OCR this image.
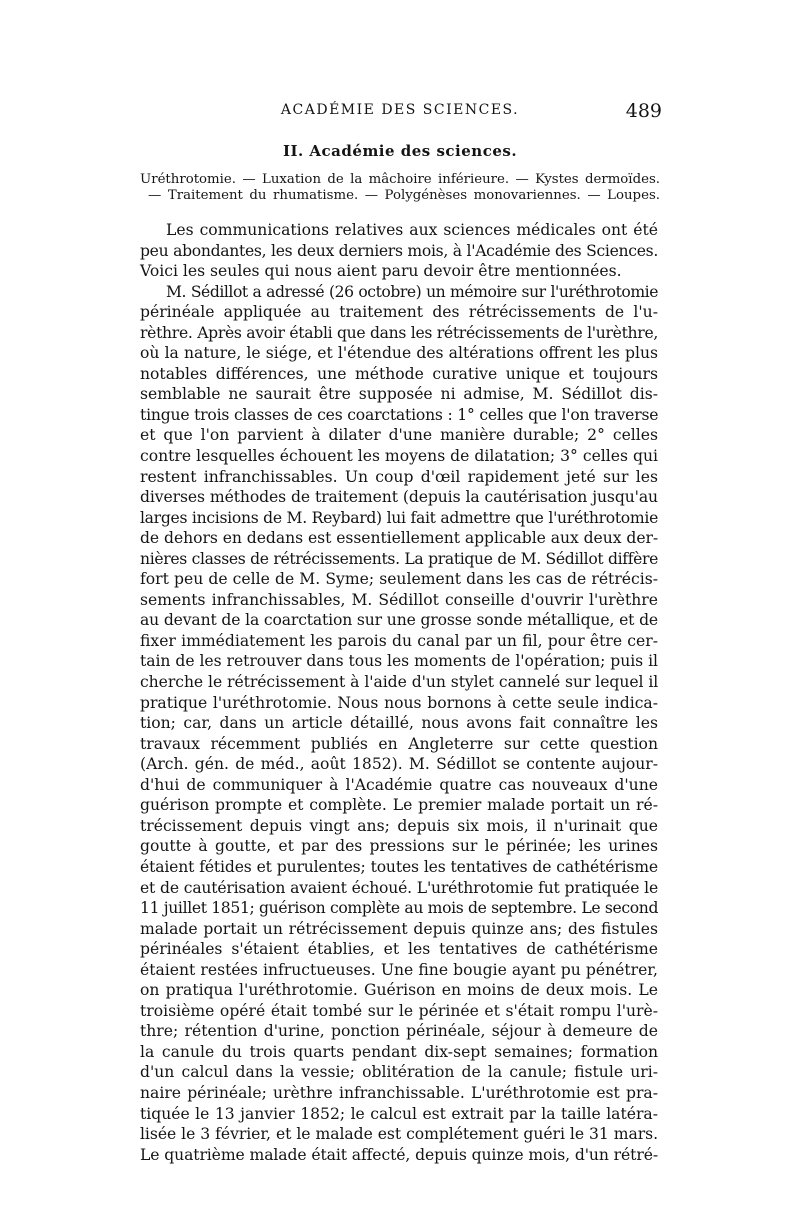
ACADÉMIE DES SCIENCES.	489
II. Académie des sciences.
Uréthrotomie. — Luxation de la mâchoire inférieure. — Kystes dermoïdes.
— Traitement du rhumatisme. — Polygénèses monovariennes. — Loupes.
Les communications relatives aux sciences médicales ont été
peu abondantes, les deux derniers mois, à l'Académie des Sciences.
Voici les seules qui nous aient paru devoir être mentionnées.
M. Sédillot a adressé (26 octobre) un mémoire sur l'uréthrotomie
périnéale appliquée au traitement des rétrécissements de l'u-
rèthre. Après avoir établi que dans les rétrécissements de l'urèthre,
où la nature, le siége, et l'étendue des altérations offrent les plus
notables différences, une méthode curative unique et toujours
semblable ne saurait être supposée ni admise, M. Sédillot dis-
tingue trois classes de ces coarctations : 1° celles que l'on traverse
et que l'on parvient à dilater d'une manière durable; 2° celles
contre lesquelles échouent les moyens de dilatation; 3° celles qui
restent infranchissables. Un coup d'œil rapidement jeté sur les
diverses méthodes de traitement (depuis la cautérisation jusqu'au
larges incisions de M. Reybard) lui fait admettre que l'uréthrotomie
de dehors en dedans est essentiellement applicable aux deux der-
nières classes de rétrécissements. La pratique de M. Sédillot diffère
fort peu de celle de M. Syme; seulement dans les cas de rétrécis-
sements infranchissables, M. Sédillot conseille d'ouvrir l'urèthre
au devant de la coarctation sur une grosse sonde métallique, et de
fixer immédiatement les parois du canal par un fil, pour être cer-
tain de les retrouver dans tous les moments de l'opération; puis il
cherche le rétrécissement à l'aide d'un stylet cannelé sur lequel il
pratique l'uréthrotomie. Nous nous bornons à cette seule indica-
tion; car, dans un article détaillé, nous avons fait connaître les
travaux récemment publiés en Angleterre sur cette question
(Arch. gén. de méd., août 1852). M. Sédillot se contente aujour-
d'hui de communiquer à l'Académie quatre cas nouveaux d'une
guérison prompte et complète. Le premier malade portait un ré-
trécissement depuis vingt ans; depuis six mois, il n'urinait que
goutte à goutte, et par des pressions sur le périnée; les urines
étaient fétides et purulentes; toutes les tentatives de cathétérisme
et de cautérisation avaient échoué. L'uréthrotomie fut pratiquée le
11 juillet 1851; guérison complète au mois de septembre. Le second
malade portait un rétrécissement depuis quinze ans; des fistules
périnéales s'étaient établies, et les tentatives de cathétérisme
étaient restées infructueuses. Une fine bougie ayant pu pénétrer,
on pratiqua l'uréthrotomie. Guérison en moins de deux mois. Le
troisième opéré était tombé sur le périnée et s'était rompu l'urè-
thre; rétention d'urine, ponction périnéale, séjour à demeure de
la canule du trois quarts pendant dix-sept semaines; formation
d'un calcul dans la vessie; oblitération de la canule; fistule uri-
naire périnéale; urèthre infranchissable. L'uréthrotomie est pra-
tiquée le 13 janvier 1852; le calcul est extrait par la taille latéra-
lisée le 3 février, et le malade est complétement guéri le 31 mars.
Le quatrième malade était affecté, depuis quinze mois, d'un rétré-
